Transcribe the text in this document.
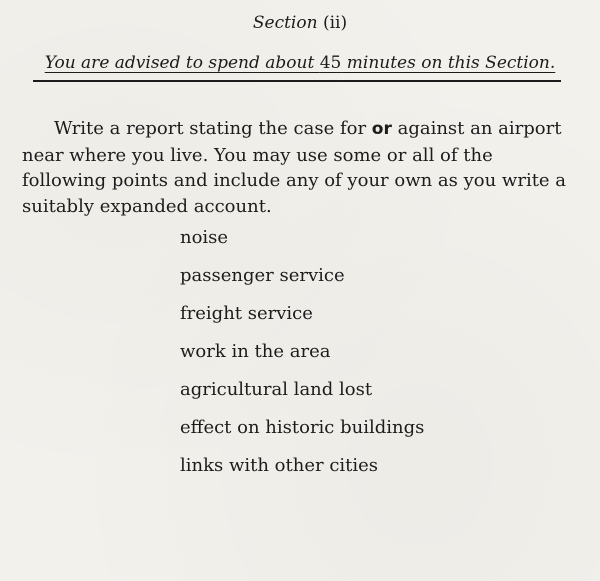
Section (ii)
You are advised to spend about 45 minutes on this Section.

Write a report stating the case for or against an airport near where you live. You may use some or all of the following points and include any of your own as you write a suitably expanded account.

noise
passenger service
freight service
work in the area
agricultural land lost
effect on historic buildings
links with other cities
